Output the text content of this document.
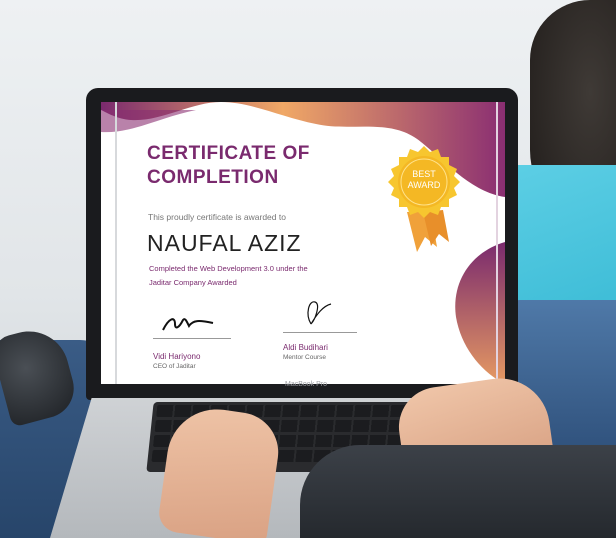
CERTIFICATE OF COMPLETION
This proudly certificate is awarded to
NAUFAL AZIZ
Completed the Web Development 3.0 under the Jaditar Company Awarded
BEST
AWARD
Vidi Hariyono
CEO of Jaditar
Aldi Budihari
Mentor Course
MacBook Pro
